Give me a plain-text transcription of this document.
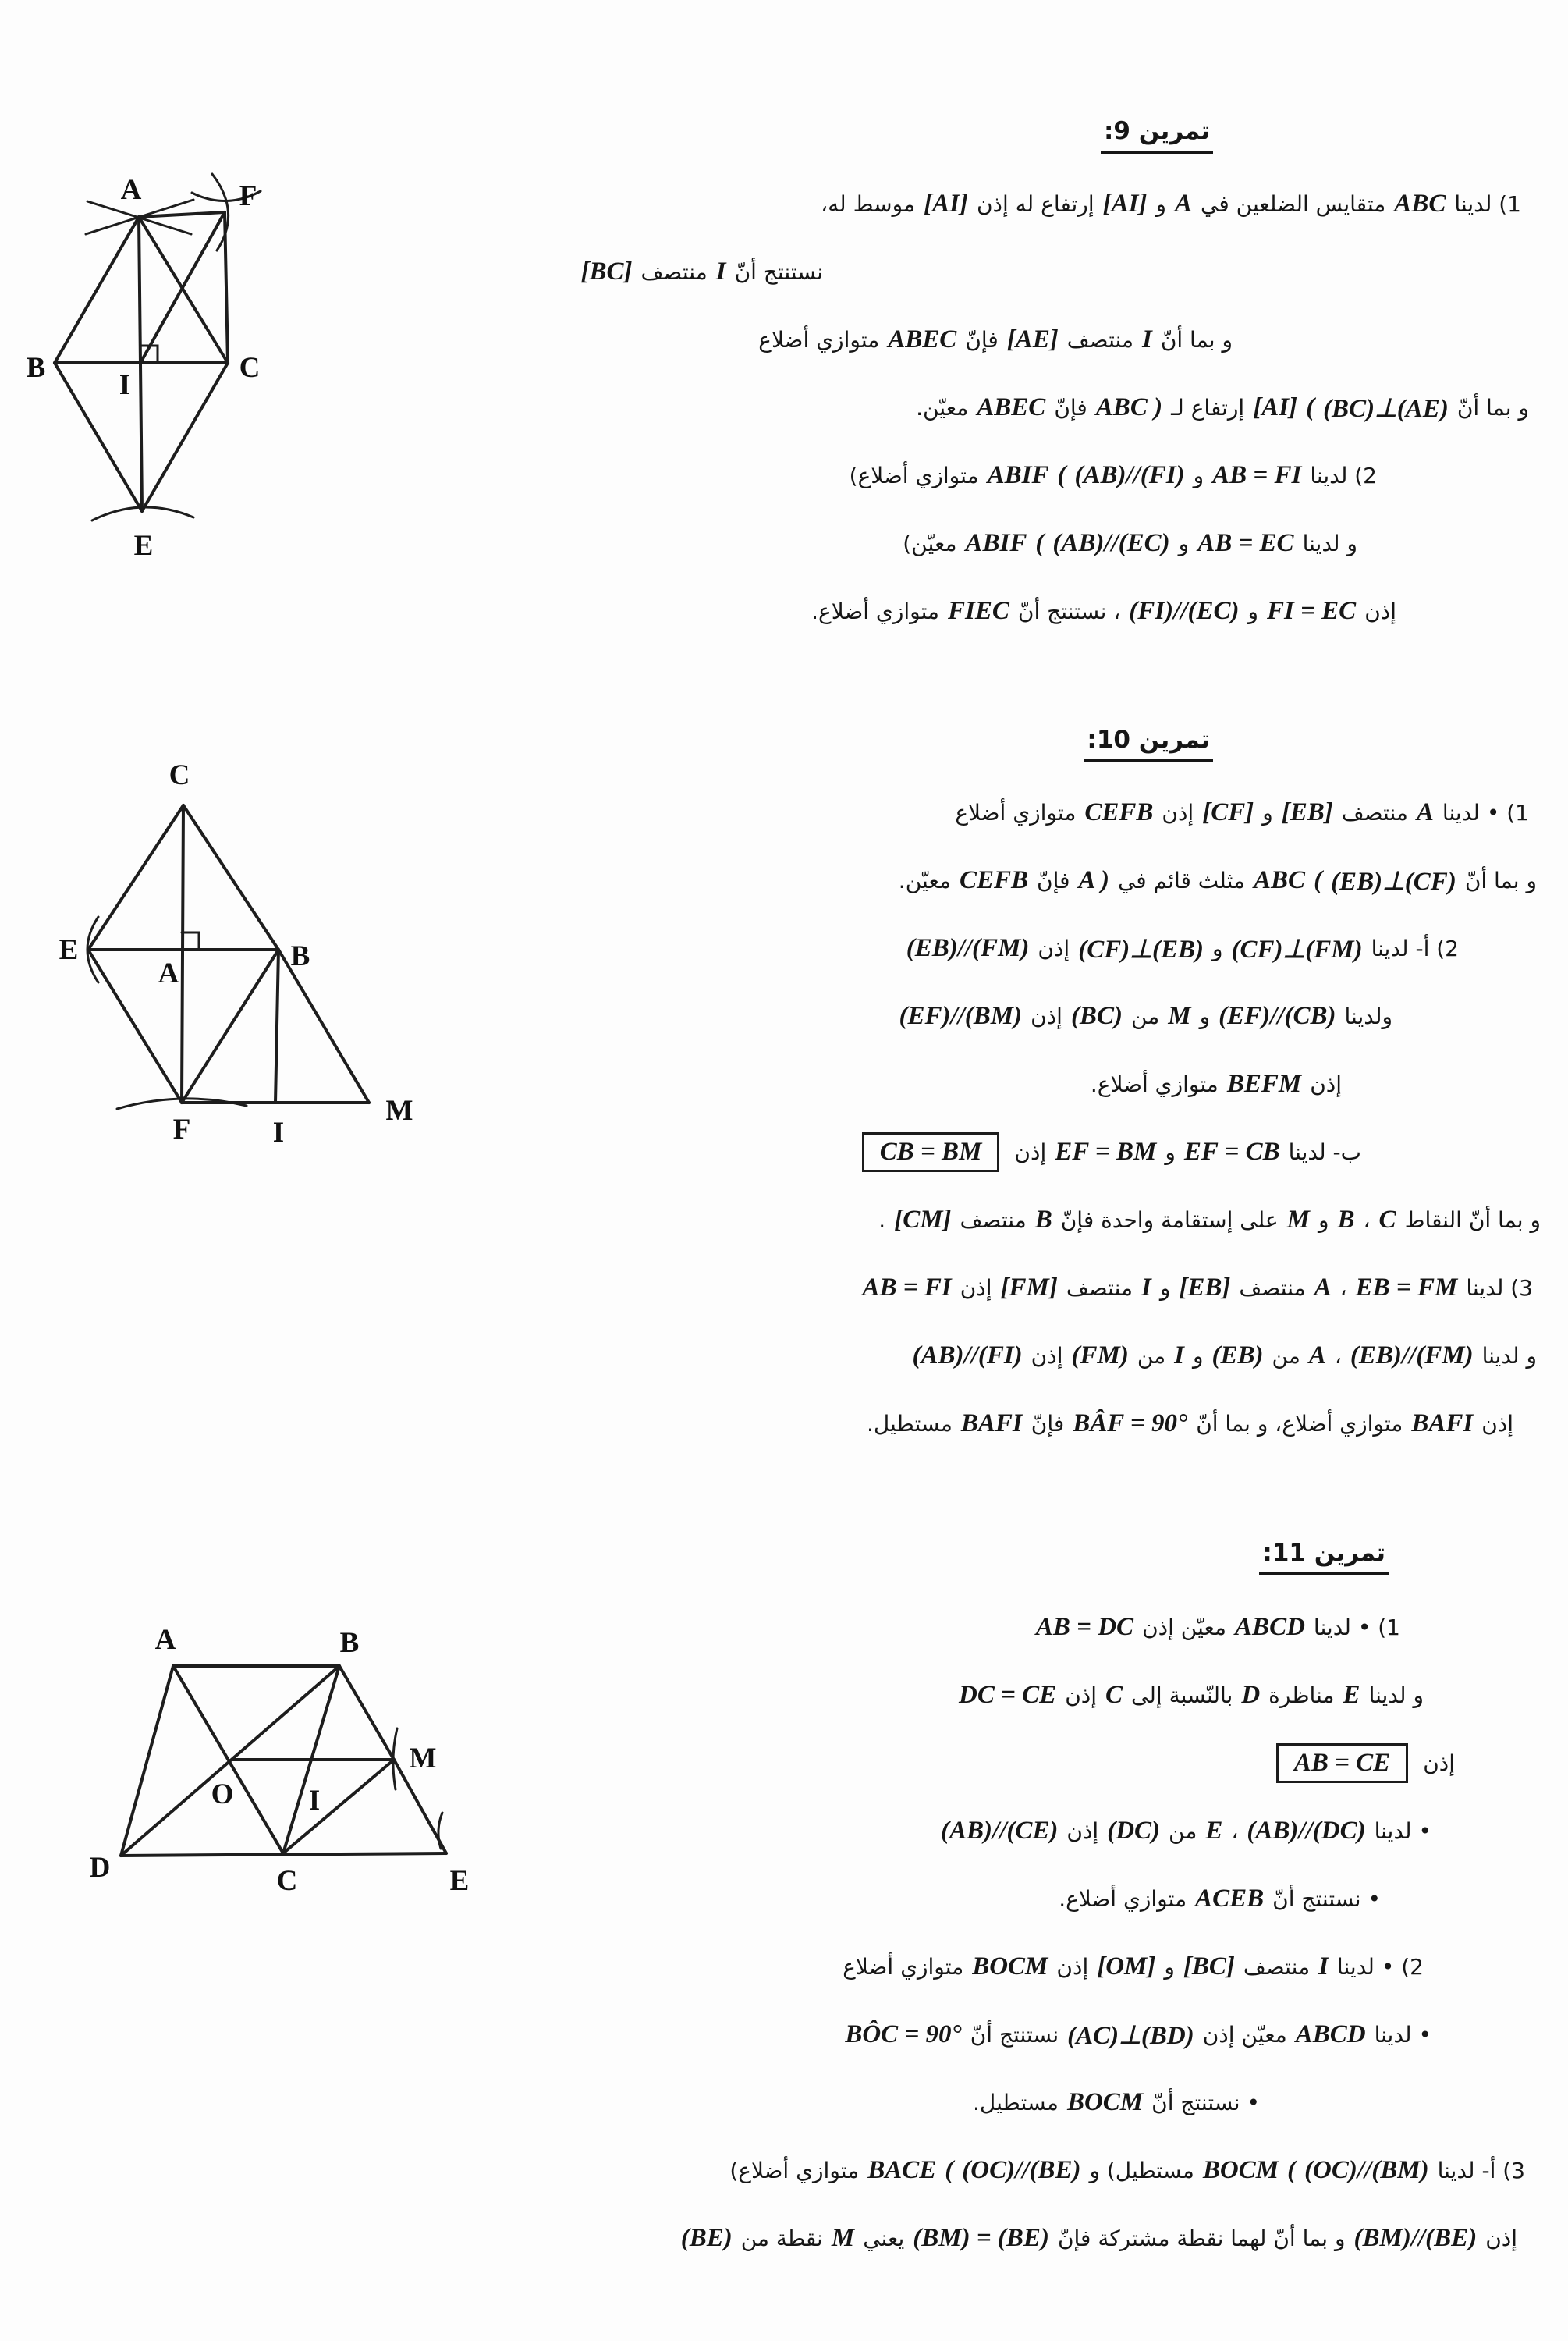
تمرين 9:
1) لدينا
ABC
متقايس الضلعين في
A
و
[AI]
إرتفاع له إذن
[AI]
موسط له،
نستنتج أنّ
I
منتصف
[BC]
و بما أنّ
I
منتصف
[AE]
فإنّ
ABEC
متوازي أضلاع
و بما أنّ
(BC)⊥(AE)
(
[AI]
إرتفاع لـ
ABC )
فإنّ
ABEC
معيّن.
2) لدينا
AB = FI
و
(AB)//(FI)
(
ABIF
متوازي أضلاع)
و لدينا
AB = EC
و
(AB)//(EC)
(
ABIF
معيّن)
إذن
FI = EC
و
(FI)//(EC)
، نستنتج أنّ
FIEC
متوازي أضلاع.
تمرين 10:
1) • لدينا
A
منتصف
[EB]
و
[CF]
إذن
CEFB
متوازي أضلاع
و بما أنّ
(EB)⊥(CF)
(
ABC
مثلث قائم في
A )
فإنّ
CEFB
معيّن.
2) أ- لدينا
(CF)⊥(FM)
و
(CF)⊥(EB)
إذن
(EB)//(FM)
ولدينا
(EF)//(CB)
و
M
من
(BC)
إذن
(EF)//(BM)
إذن
BEFM
متوازي أضلاع.
ب- لدينا
EF = CB
و
EF = BM
إذن
CB = BM
و بما أنّ النقاط
C
،
B
و
M
على إستقامة واحدة فإنّ
B
منتصف
[CM]
.
3) لدينا
EB = FM
،
A
منتصف
[EB]
و
I
منتصف
[FM]
إذن
AB = FI
و لدينا
(EB)//(FM)
،
A
من
(EB)
و
I
من
(FM)
إذن
(AB)//(FI)
إذن
BAFI
متوازي أضلاع، و بما أنّ
BÂF = 90°
فإنّ
BAFI
مستطيل.
تمرين 11:
1) • لدينا
ABCD
معيّن إذن
AB = DC
و لدينا
E
مناظرة
D
بالنّسبة إلى
C
إذن
DC = CE
إذن
AB = CE
• لدينا
(AB)//(DC)
،
E
من
(DC)
إذن
(AB)//(CE)
• نستنتج أنّ
ACEB
متوازي أضلاع.
2) • لدينا
I
منتصف
[BC]
و
[OM]
إذن
BOCM
متوازي أضلاع
• لدينا
ABCD
معيّن إذن
(AC)⊥(BD)
نستنتج أنّ
BÔC = 90°
• نستنتج أنّ
BOCM
مستطيل.
3) أ- لدينا
(OC)//(BM)
(
BOCM
مستطيل) و
(OC)//(BE)
(
BACE
متوازي أضلاع)
إذن
(BM)//(BE)
و بما أنّ لهما نقطة مشتركة فإنّ
(BM) = (BE)
يعني
M
نقطة من
(BE)
A	F
B
I
C
E
C
E
A
B
F	I
M
A	B
M
O	I
D	C	E
